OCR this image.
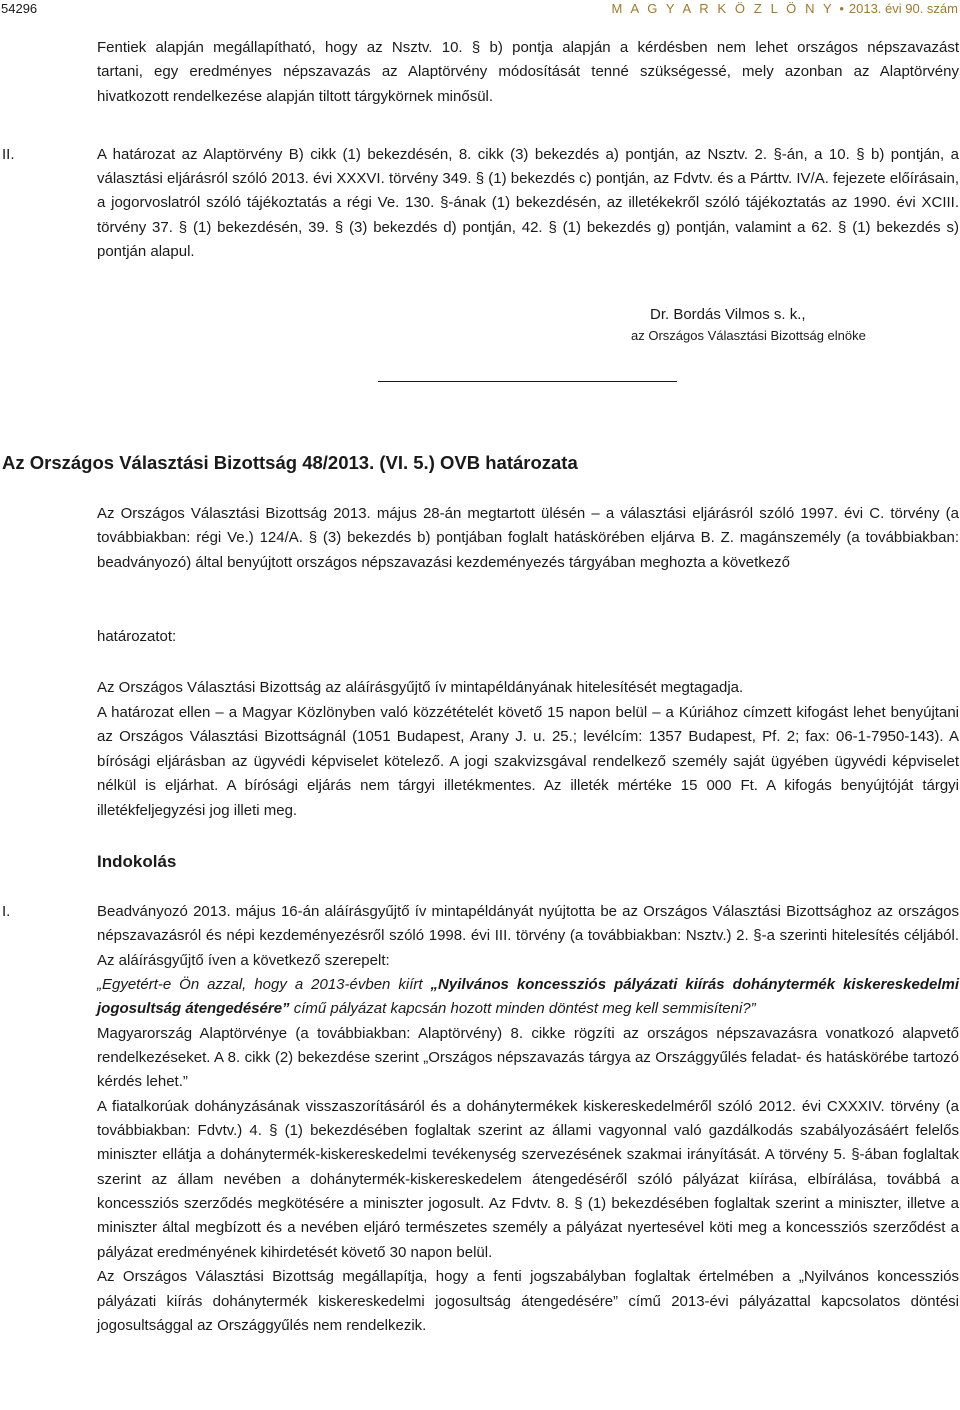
54296	M A G Y A R K Ö Z L Ö N Y • 2013. évi 90. szám
Fentiek alapján megállapítható, hogy az Nsztv. 10. § b) pontja alapján a kérdésben nem lehet országos népszavazást
tartani, egy eredményes népszavazás az Alaptörvény módosítását tenné szükségessé, mely azonban az Alaptörvény
hivatkozott rendelkezése alapján tiltott tárgykörnek minősül.

II.	A határozat az Alaptörvény B) cikk (1) bekezdésén, 8. cikk (3) bekezdés a) pontján, az Nsztv. 2. §-án, a 10. § b) pontján, a választási eljárásról szóló 2013. évi XXXVI. törvény 349. § (1) bekezdés c) pontján, az Fdvtv. és a Párttv. IV/A. fejezete előírásain, a jogorvoslatról szóló tájékoztatás a régi Ve. 130. §-ának (1) bekezdésén, az illetékekről szóló tájékoztatás az 1990. évi XCIII. törvény 37. § (1) bekezdésén, 39. § (3) bekezdés d) pontján, 42. § (1) bekezdés g) pontján, valamint a 62. § (1) bekezdés s) pontján alapul.

Dr. Bordás Vilmos s. k.,
az Országos Választási Bizottság elnöke
Az Országos Választási Bizottság 48/2013. (VI. 5.) OVB határozata

Az Országos Választási Bizottság 2013. május 28-án megtartott ülésén – a választási eljárásról szóló 1997. évi C. törvény (a továbbiakban: régi Ve.) 124/A. § (3) bekezdés b) pontjában foglalt hatáskörében eljárva B. Z. magánszemély (a továbbiakban: beadványozó) által benyújtott országos népszavazási kezdeményezés tárgyában meghozta a következő

határozatot:
Az Országos Választási Bizottság az aláírásgyűjtő ív mintapéldányának hitelesítését megtagadja.
A határozat ellen – a Magyar Közlönyben való közzétételét követő 15 napon belül – a Kúriához címzett kifogást lehet benyújtani az Országos Választási Bizottságnál (1051 Budapest, Arany J. u. 25.; levélcím: 1357 Budapest, Pf. 2; fax: 06-1-7950-143). A bírósági eljárásban az ügyvédi képviselet kötelező. A jogi szakvizsgával rendelkező személy saját ügyében ügyvédi képviselet nélkül is eljárhat. A bírósági eljárás nem tárgyi illetékmentes. Az illeték mértéke 15 000 Ft. A kifogás benyújtóját tárgyi illetékfeljegyzési jog illeti meg.
Indokolás

I.	Beadványozó 2013. május 16-án aláírásgyűjtő ív mintapéldányát nyújtotta be az Országos Választási Bizottsághoz az országos népszavazásról és népi kezdeményezésről szóló 1998. évi III. törvény (a továbbiakban: Nsztv.) 2. §-a szerinti hitelesítés céljából. Az aláírásgyűjtő íven a következő szerepelt:
„Egyetért-e Ön azzal, hogy a 2013-évben kiírt „Nyilvános koncessziós pályázati kiírás dohánytermék kiskereskedelmi jogosultság átengedésére” című pályázat kapcsán hozott minden döntést meg kell semmisíteni?”
Magyarország Alaptörvénye (a továbbiakban: Alaptörvény) 8. cikke rögzíti az országos népszavazásra vonatkozó alapvető rendelkezéseket. A 8. cikk (2) bekezdése szerint „Országos népszavazás tárgya az Országgyűlés feladat- és hatáskörébe tartozó kérdés lehet.”
A fiatalkorúak dohányzásának visszaszorításáról és a dohánytermékek kiskereskedelméről szóló 2012. évi CXXXIV. törvény (a továbbiakban: Fdvtv.) 4. § (1) bekezdésében foglaltak szerint az állami vagyonnal való gazdálkodás szabályozásáért felelős miniszter ellátja a dohánytermék-kiskereskedelmi tevékenység szervezésének szakmai irányítását. A törvény 5. §-ában foglaltak szerint az állam nevében a dohánytermék-kiskereskedelem átengedéséről szóló pályázat kiírása, elbírálása, továbbá a koncessziós szerződés megkötésére a miniszter jogosult. Az Fdvtv. 8. § (1) bekezdésében foglaltak szerint a miniszter, illetve a miniszter által megbízott és a nevében eljáró természetes személy a pályázat nyertesével köti meg a koncessziós szerződést a pályázat eredményének kihirdetését követő 30 napon belül.
Az Országos Választási Bizottság megállapítja, hogy a fenti jogszabályban foglaltak értelmében a „Nyilvános koncessziós pályázati kiírás dohánytermék kiskereskedelmi jogosultság átengedésére” című 2013-évi pályázattal kapcsolatos döntési jogosultsággal az Országgyűlés nem rendelkezik.
